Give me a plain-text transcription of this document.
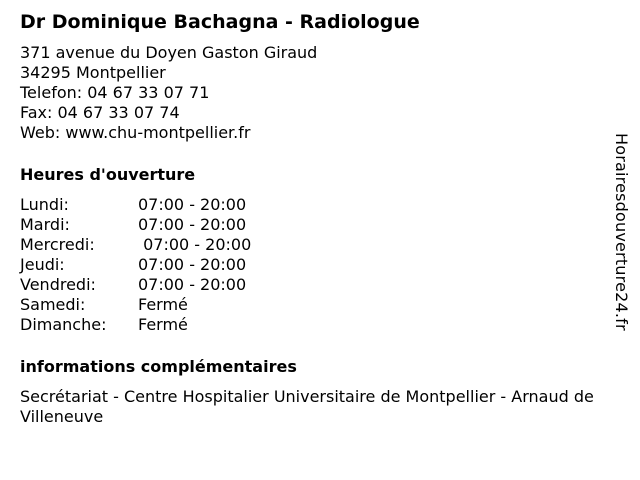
Dr Dominique Bachagna - Radiologue
371 avenue du Doyen Gaston Giraud
34295 Montpellier
Telefon: 04 67 33 07 71
Fax: 04 67 33 07 74
Web: www.chu-montpellier.fr
Heures d'ouverture
Lundi:	07:00 - 20:00
Mardi:	07:00 - 20:00
Mercredi:	07:00 - 20:00
Jeudi:	07:00 - 20:00
Vendredi:	07:00 - 20:00
Samedi:	Fermé
Dimanche:	Fermé
informations complémentaires
Secrétariat - Centre Hospitalier Universitaire de Montpellier - Arnaud de Villeneuve
Horairesdouverture24.fr
